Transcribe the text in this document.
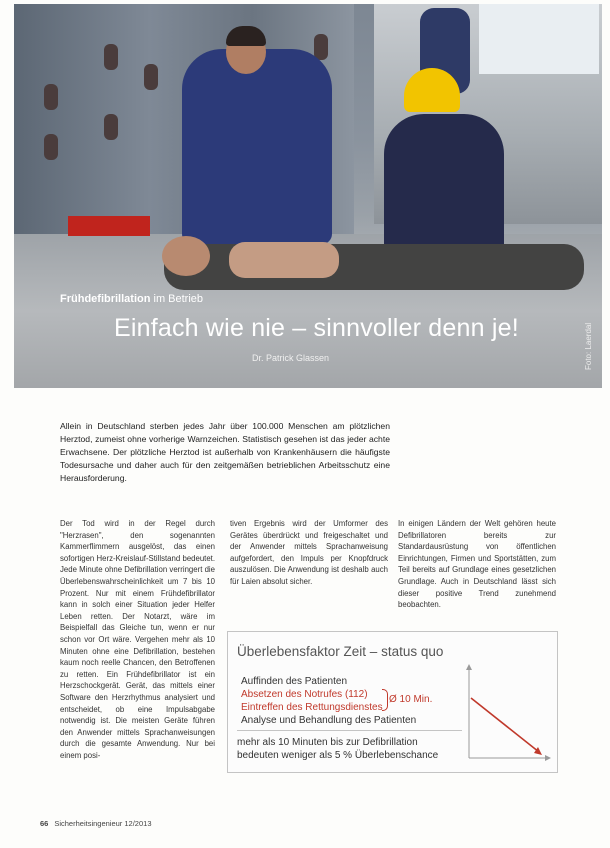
Frühdefibrillation im Betrieb
Einfach wie nie – sinnvoller denn je!
Dr. Patrick Glassen	Foto: Laerdal
Allein in Deutschland sterben jedes Jahr über 100.000 Menschen am plötzlichen Herztod, zumeist ohne vorherige Warnzeichen. Statistisch gesehen ist das jeder achte Erwachsene. Der plötzliche Herztod ist außerhalb von Krankenhäusern die häufigste Todesursache und daher auch für den zeitgemäßen betrieblichen Arbeitsschutz eine Herausforderung.
Der Tod wird in der Regel durch "Herzrasen", den sogenannten Kammerflimmern ausgelöst, das einen sofortigen Herz-Kreislauf-Stillstand bedeutet. Jede Minute ohne Defibrillation verringert die Überlebenswahrscheinlichkeit um 7 bis 10 Prozent. Nur mit einem Frühdefibrillator kann in solch einer Situation jeder Helfer Leben retten. Der Notarzt, wäre im Beispielfall das Gleiche tun, wenn er nur schon vor Ort wäre. Vergehen mehr als 10 Minuten ohne eine Defibrillation, bestehen kaum noch reelle Chancen, den Betroffenen zu retten. Ein Frühdefibrillator ist ein Herzschockgerät. Gerät, das mittels einer Software den Herzrhythmus analysiert und entscheidet, ob eine Impulsabgabe notwendig ist. Die meisten Geräte führen den Anwender mittels Sprachanweisungen durch die gesamte Anwendung. Nur bei einem posi-
tiven Ergebnis wird der Umformer des Gerätes überdrückt und freigeschaltet und der Anwender mittels Sprachanweisung aufgefordert, den Impuls per Knopfdruck auszulösen. Die Anwendung ist deshalb auch für Laien absolut sicher.
In einigen Ländern der Welt gehören heute Defibrillatoren bereits zur Standardausrüstung von öffentlichen Einrichtungen, Firmen und Sportstätten, zum Teil bereits auf Grundlage eines gesetzlichen Grundlage. Auch in Deutschland lässt sich dieser positive Trend zunehmend beobachten.
Überlebensfaktor Zeit – status quo
Auffinden des Patienten
Absetzen des Notrufes (112)
Eintreffen des Rettungsdienstes
Analyse und Behandlung des Patienten
Ø 10 Min.
mehr als 10 Minuten bis zur Defibrillation
bedeuten weniger als 5 % Überlebenschance
66 Sicherheitsingenieur 12/2013
